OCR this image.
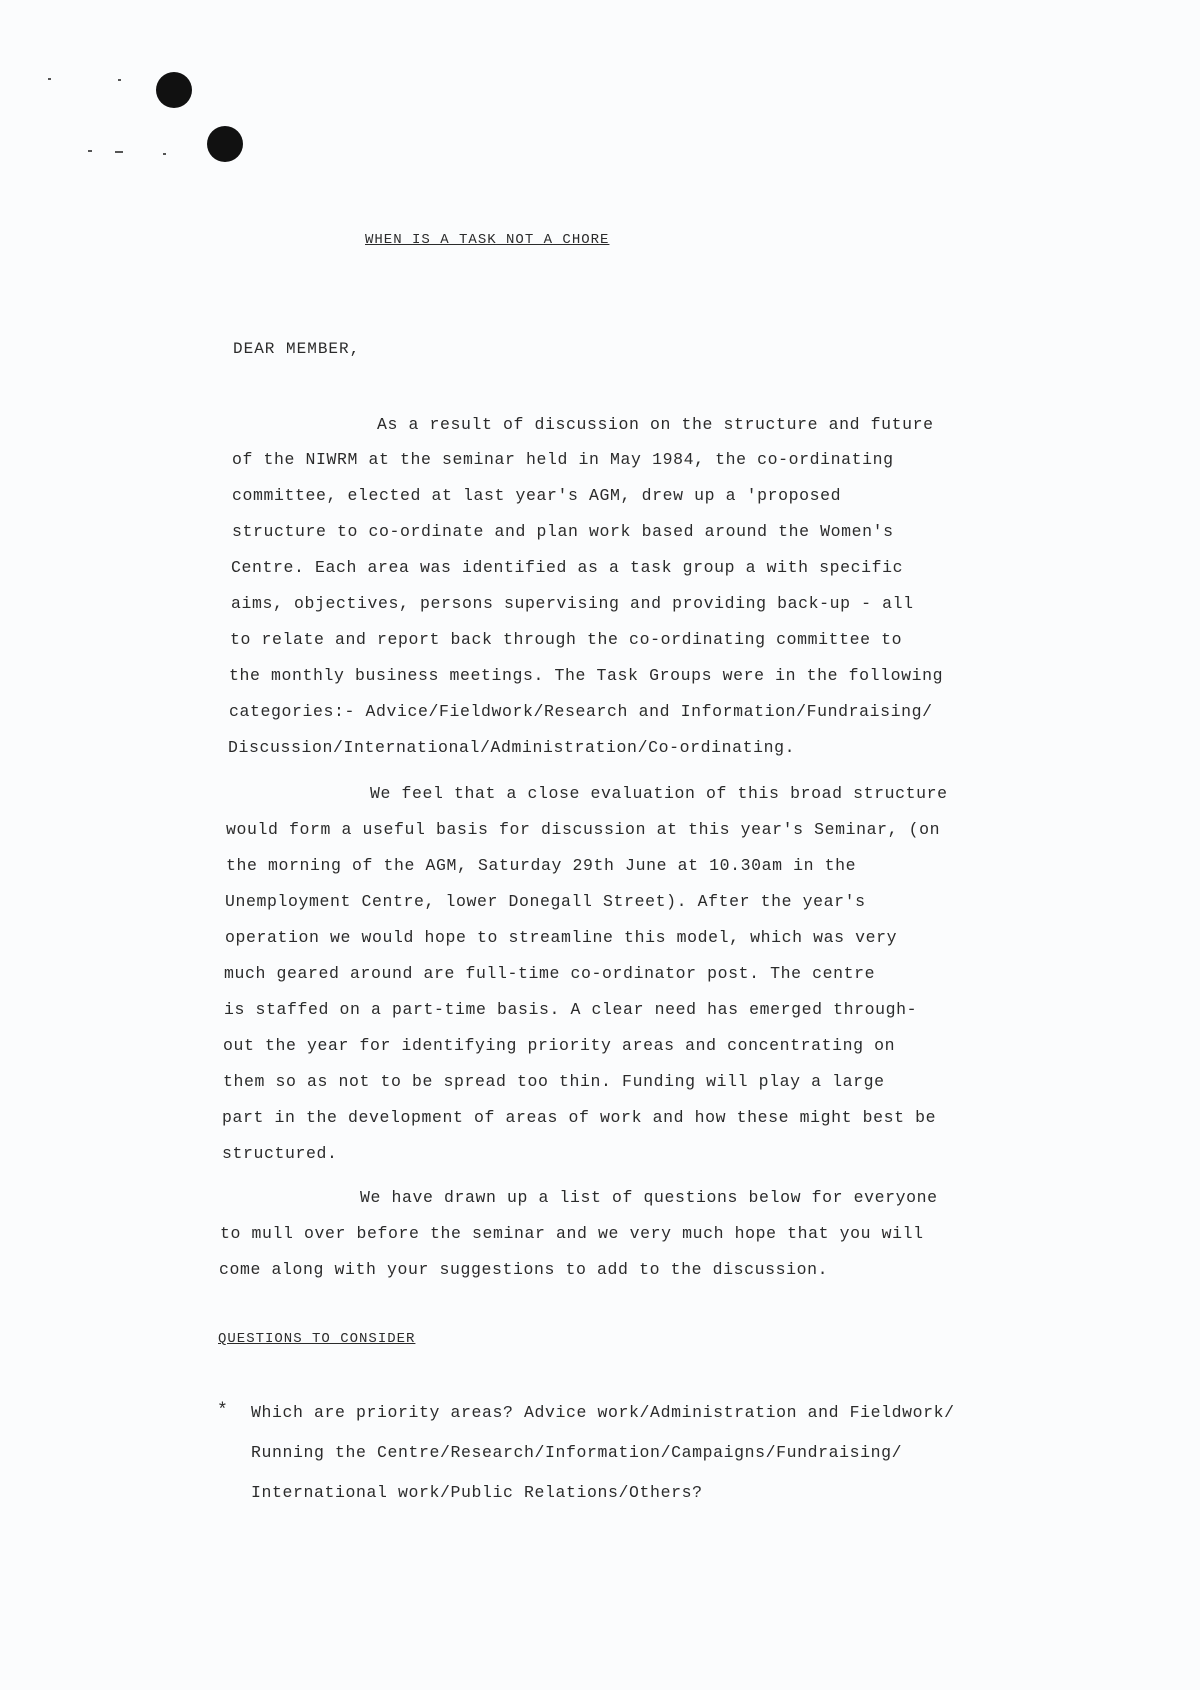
WHEN IS A TASK NOT A CHORE
DEAR MEMBER,
As a result of discussion on the structure and future
of the NIWRM at the seminar held in May 1984, the co-ordinating
committee, elected at last year's AGM, drew up a 'proposed
structure to co-ordinate and plan work based around the Women's
Centre. Each area was identified as a task group a with specific
aims, objectives, persons supervising and providing back-up - all
to relate and report back through the co-ordinating committee to
the monthly business meetings. The Task Groups were in the following
categories:- Advice/Fieldwork/Research and Information/Fundraising/
Discussion/International/Administration/Co-ordinating.
We feel that a close evaluation of this broad structure
would form a useful basis for discussion at this year's Seminar, (on
the morning of the AGM, Saturday 29th June at 10.30am in the
Unemployment Centre, lower Donegall Street). After the year's
operation we would hope to streamline this model, which was very
much geared around are full-time co-ordinator post. The centre
is staffed on a part-time basis. A clear need has emerged through-
out the year for identifying priority areas and concentrating on
them so as not to be spread too thin. Funding will play a large
part in the development of areas of work and how these might best be
structured.
We have drawn up a list of questions below for everyone
to mull over before the seminar and we very much hope that you will
come along with your suggestions to add to the discussion.
QUESTIONS TO CONSIDER
* Which are priority areas? Advice work/Administration and Fieldwork/
Running the Centre/Research/Information/Campaigns/Fundraising/
International work/Public Relations/Others?
